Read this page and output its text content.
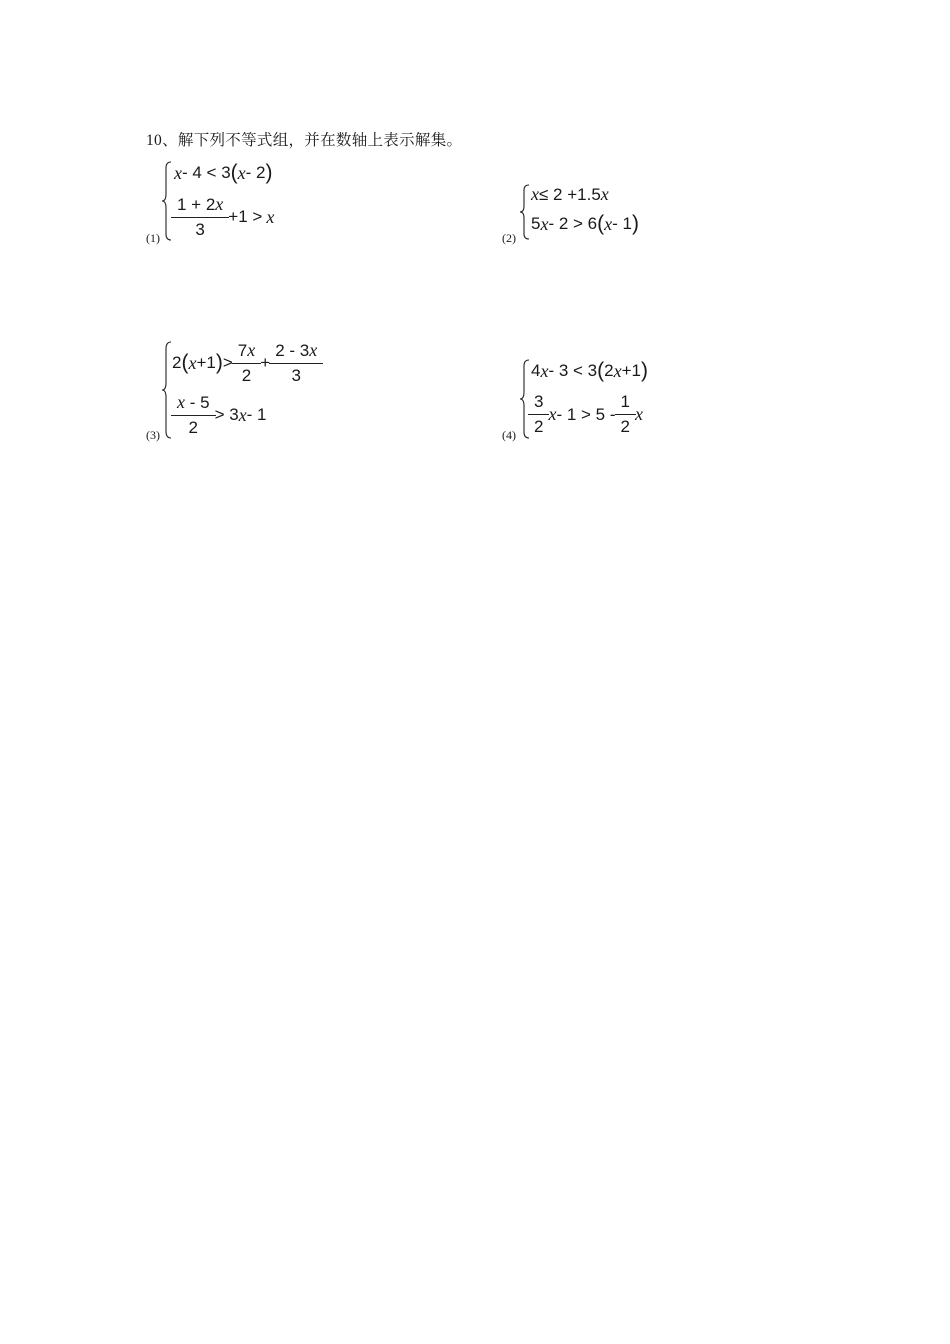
10、解下列不等式组，并在数轴上表示解集。
(1)
x - 4 < 3 ( x - 2 )
$\frac{1 + 2x}{3} +1 > x$
(2)
x ≤ 2 +1.5 x
5 x - 2 > 6 ( x - 1 )
(3)
2 ( x +1 ) > $\frac{7x}{2} + \frac{2 - 3x}{3}$
$\frac{x - 5}{2} > 3$ x - 1
(4)
4 x - 3 < 3 ( 2 x +1 )
$\frac{3}{2}$ $x - 1 > 5 - \frac{1}{2}$ x
